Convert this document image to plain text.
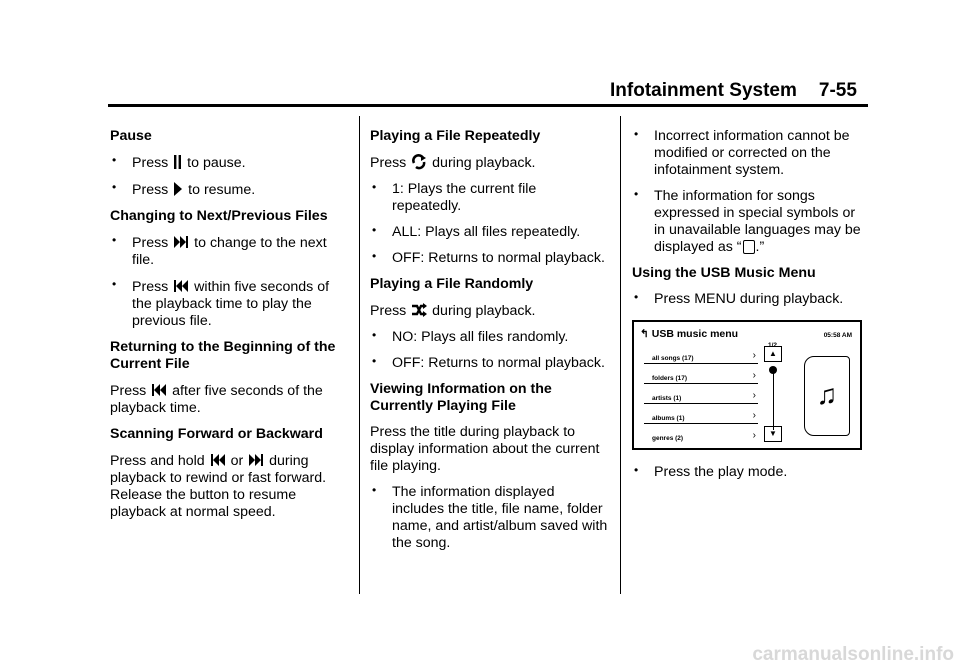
Infotainment System 7-55
Pause
• Press to pause.
• Press to resume.
Changing to Next/Previous Files
• Press to change to the next file.
• Press within five seconds of the playback time to play the previous file.
Returning to the Beginning of the Current File
Press after five seconds of the playback time.
Scanning Forward or Backward
Press and hold or during playback to rewind or fast forward. Release the button to resume playback at normal speed.
Playing a File Repeatedly
Press during playback.
• 1: Plays the current file repeatedly.
• ALL: Plays all files repeatedly.
• OFF: Returns to normal playback.
Playing a File Randomly
Press during playback.
• NO: Plays all files randomly.
• OFF: Returns to normal playback.
Viewing Information on the Currently Playing File
Press the title during playback to display information about the current file playing.
• The information displayed includes the title, file name, folder name, and artist/album saved with the song.
• Incorrect information cannot be modified or corrected on the infotainment system.
• The information for songs expressed in special symbols or in unavailable languages may be displayed as “ .”
Using the USB Music Menu
• Press MENU during playback.
↰ USB music menu
1/2
05:58 AM
all songs (17)	›
folders (17)	›
artists (1)	›
albums (1)	›
genres (2)	›
▲
▼
♫
• Press the play mode.
carmanualsonline.info
